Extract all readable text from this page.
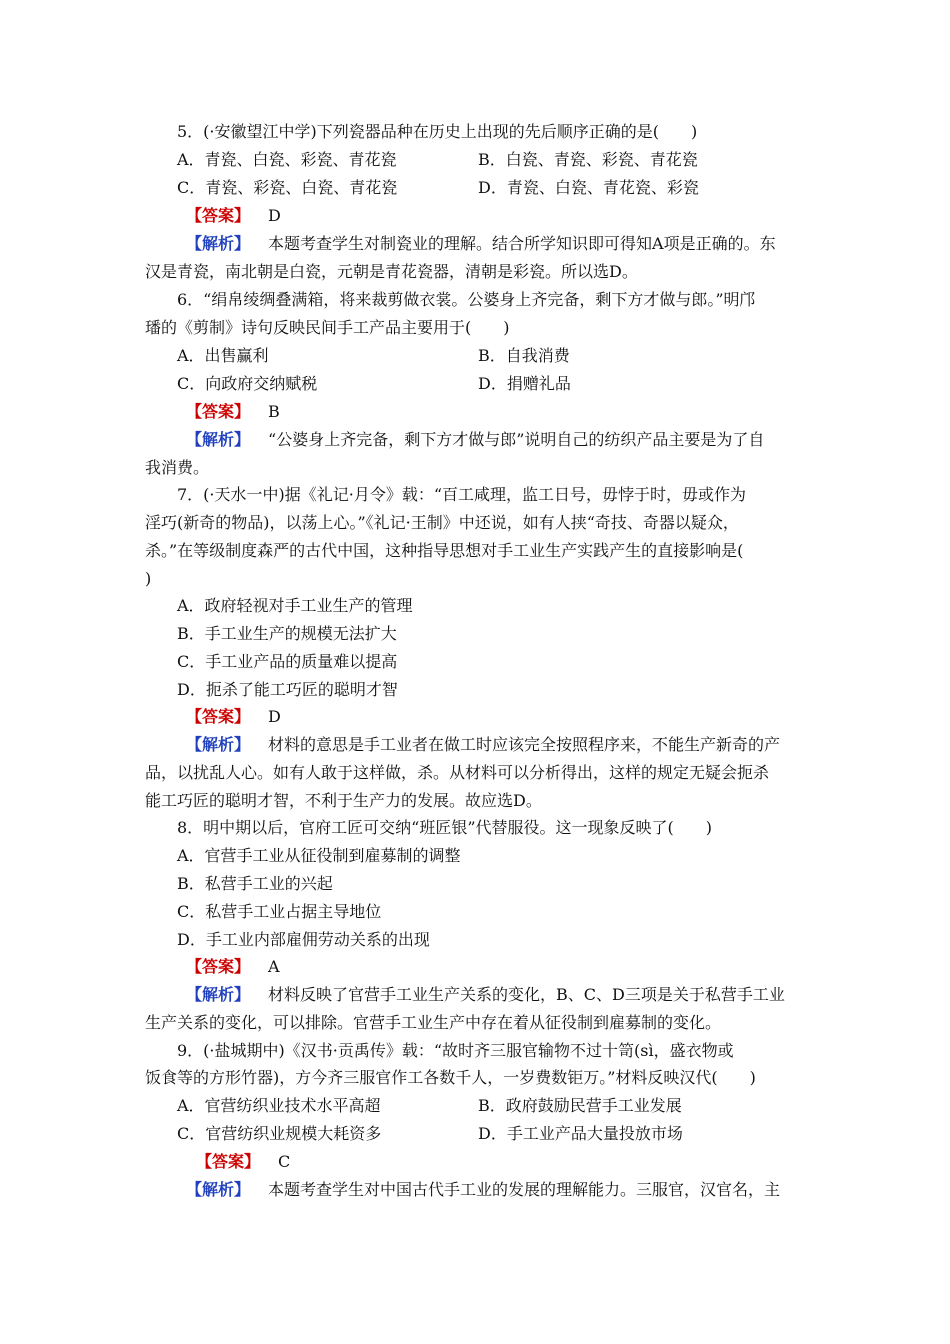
5．(·安徽望江中学)下列瓷器品种在历史上出现的先后顺序正确的是(　　)
A．青瓷、白瓷、彩瓷、青花瓷	B．白瓷、青瓷、彩瓷、青花瓷
C．青瓷、彩瓷、白瓷、青花瓷	D．青瓷、白瓷、青花瓷、彩瓷
【答案】 D
【解析】 本题考查学生对制瓷业的理解。结合所学知识即可得知A项是正确的。东
汉是青瓷，南北朝是白瓷，元朝是青花瓷器，清朝是彩瓷。所以选D。
6．“绢帛绫绸叠满箱，将来裁剪做衣裳。公婆身上齐完备，剩下方才做与郎。”明邝
璠的《剪制》诗句反映民间手工产品主要用于(　　)
A．出售赢利	B．自我消费
C．向政府交纳赋税	D．捐赠礼品
【答案】 B
【解析】 “公婆身上齐完备，剩下方才做与郎”说明自己的纺织产品主要是为了自
我消费。
7．(·天水一中)据《礼记·月令》载：“百工咸理，监工日号，毋悖于时，毋或作为
淫巧(新奇的物品)，以荡上心。”《礼记·王制》中还说，如有人挟“奇技、奇器以疑众，
杀。”在等级制度森严的古代中国，这种指导思想对手工业生产实践产生的直接影响是(
)
A．政府轻视对手工业生产的管理
B．手工业生产的规模无法扩大
C．手工业产品的质量难以提高
D．扼杀了能工巧匠的聪明才智
【答案】 D
【解析】 材料的意思是手工业者在做工时应该完全按照程序来，不能生产新奇的产
品，以扰乱人心。如有人敢于这样做，杀。从材料可以分析得出，这样的规定无疑会扼杀
能工巧匠的聪明才智，不利于生产力的发展。故应选D。
8．明中期以后，官府工匠可交纳“班匠银”代替服役。这一现象反映了(　　)
A．官营手工业从征役制到雇募制的调整
B．私营手工业的兴起
C．私营手工业占据主导地位
D．手工业内部雇佣劳动关系的出现
【答案】 A
【解析】 材料反映了官营手工业生产关系的变化，B、C、D三项是关于私营手工业
生产关系的变化，可以排除。官营手工业生产中存在着从征役制到雇募制的变化。
9．(·盐城期中)《汉书·贡禹传》载：“故时齐三服官输物不过十笥(sì，盛衣物或
饭食等的方形竹器)，方今齐三服官作工各数千人，一岁费数钜万。”材料反映汉代(　　)
A．官营纺织业技术水平高超	B．政府鼓励民营手工业发展
C．官营纺织业规模大耗资多	D．手工业产品大量投放市场
【答案】 C
【解析】 本题考查学生对中国古代手工业的发展的理解能力。三服官，汉官名，主
